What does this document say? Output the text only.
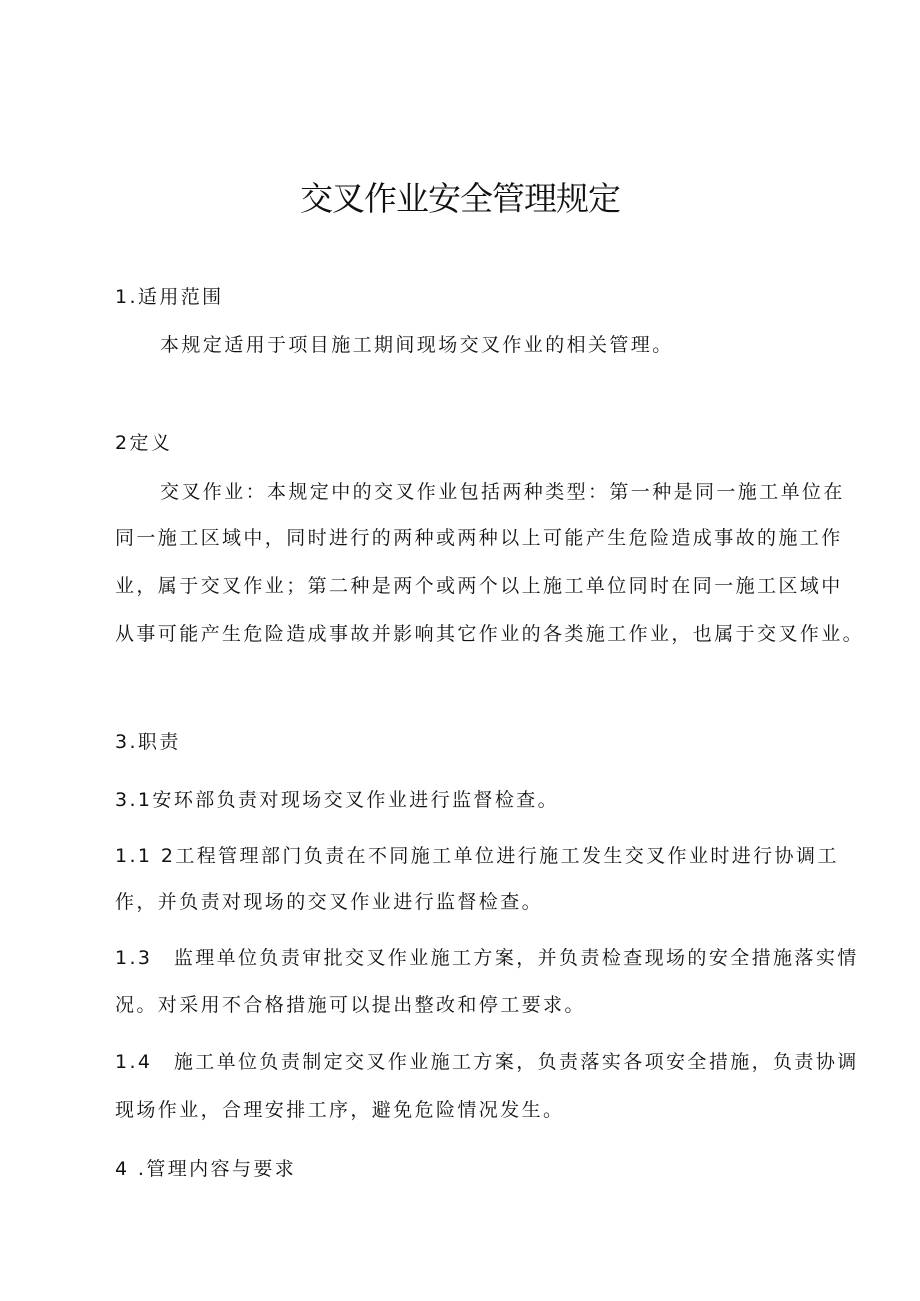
交叉作业安全管理规定

1.适用范围

本规定适用于项目施工期间现场交叉作业的相关管理。

2定义

交叉作业：本规定中的交叉作业包括两种类型：第一种是同一施工单位在

同一施工区域中，同时进行的两种或两种以上可能产生危险造成事故的施工作

业，属于交叉作业；第二种是两个或两个以上施工单位同时在同一施工区域中

从事可能产生危险造成事故并影响其它作业的各类施工作业，也属于交叉作业。

3.职责

3.1安环部负责对现场交叉作业进行监督检查。

1.1 2工程管理部门负责在不同施工单位进行施工发生交叉作业时进行协调工

作，并负责对现场的交叉作业进行监督检查。

1.3　监理单位负责审批交叉作业施工方案，并负责检查现场的安全措施落实情

况。对采用不合格措施可以提出整改和停工要求。

1.4　施工单位负责制定交叉作业施工方案，负责落实各项安全措施，负责协调

现场作业，合理安排工序，避免危险情况发生。

4 .管理内容与要求
